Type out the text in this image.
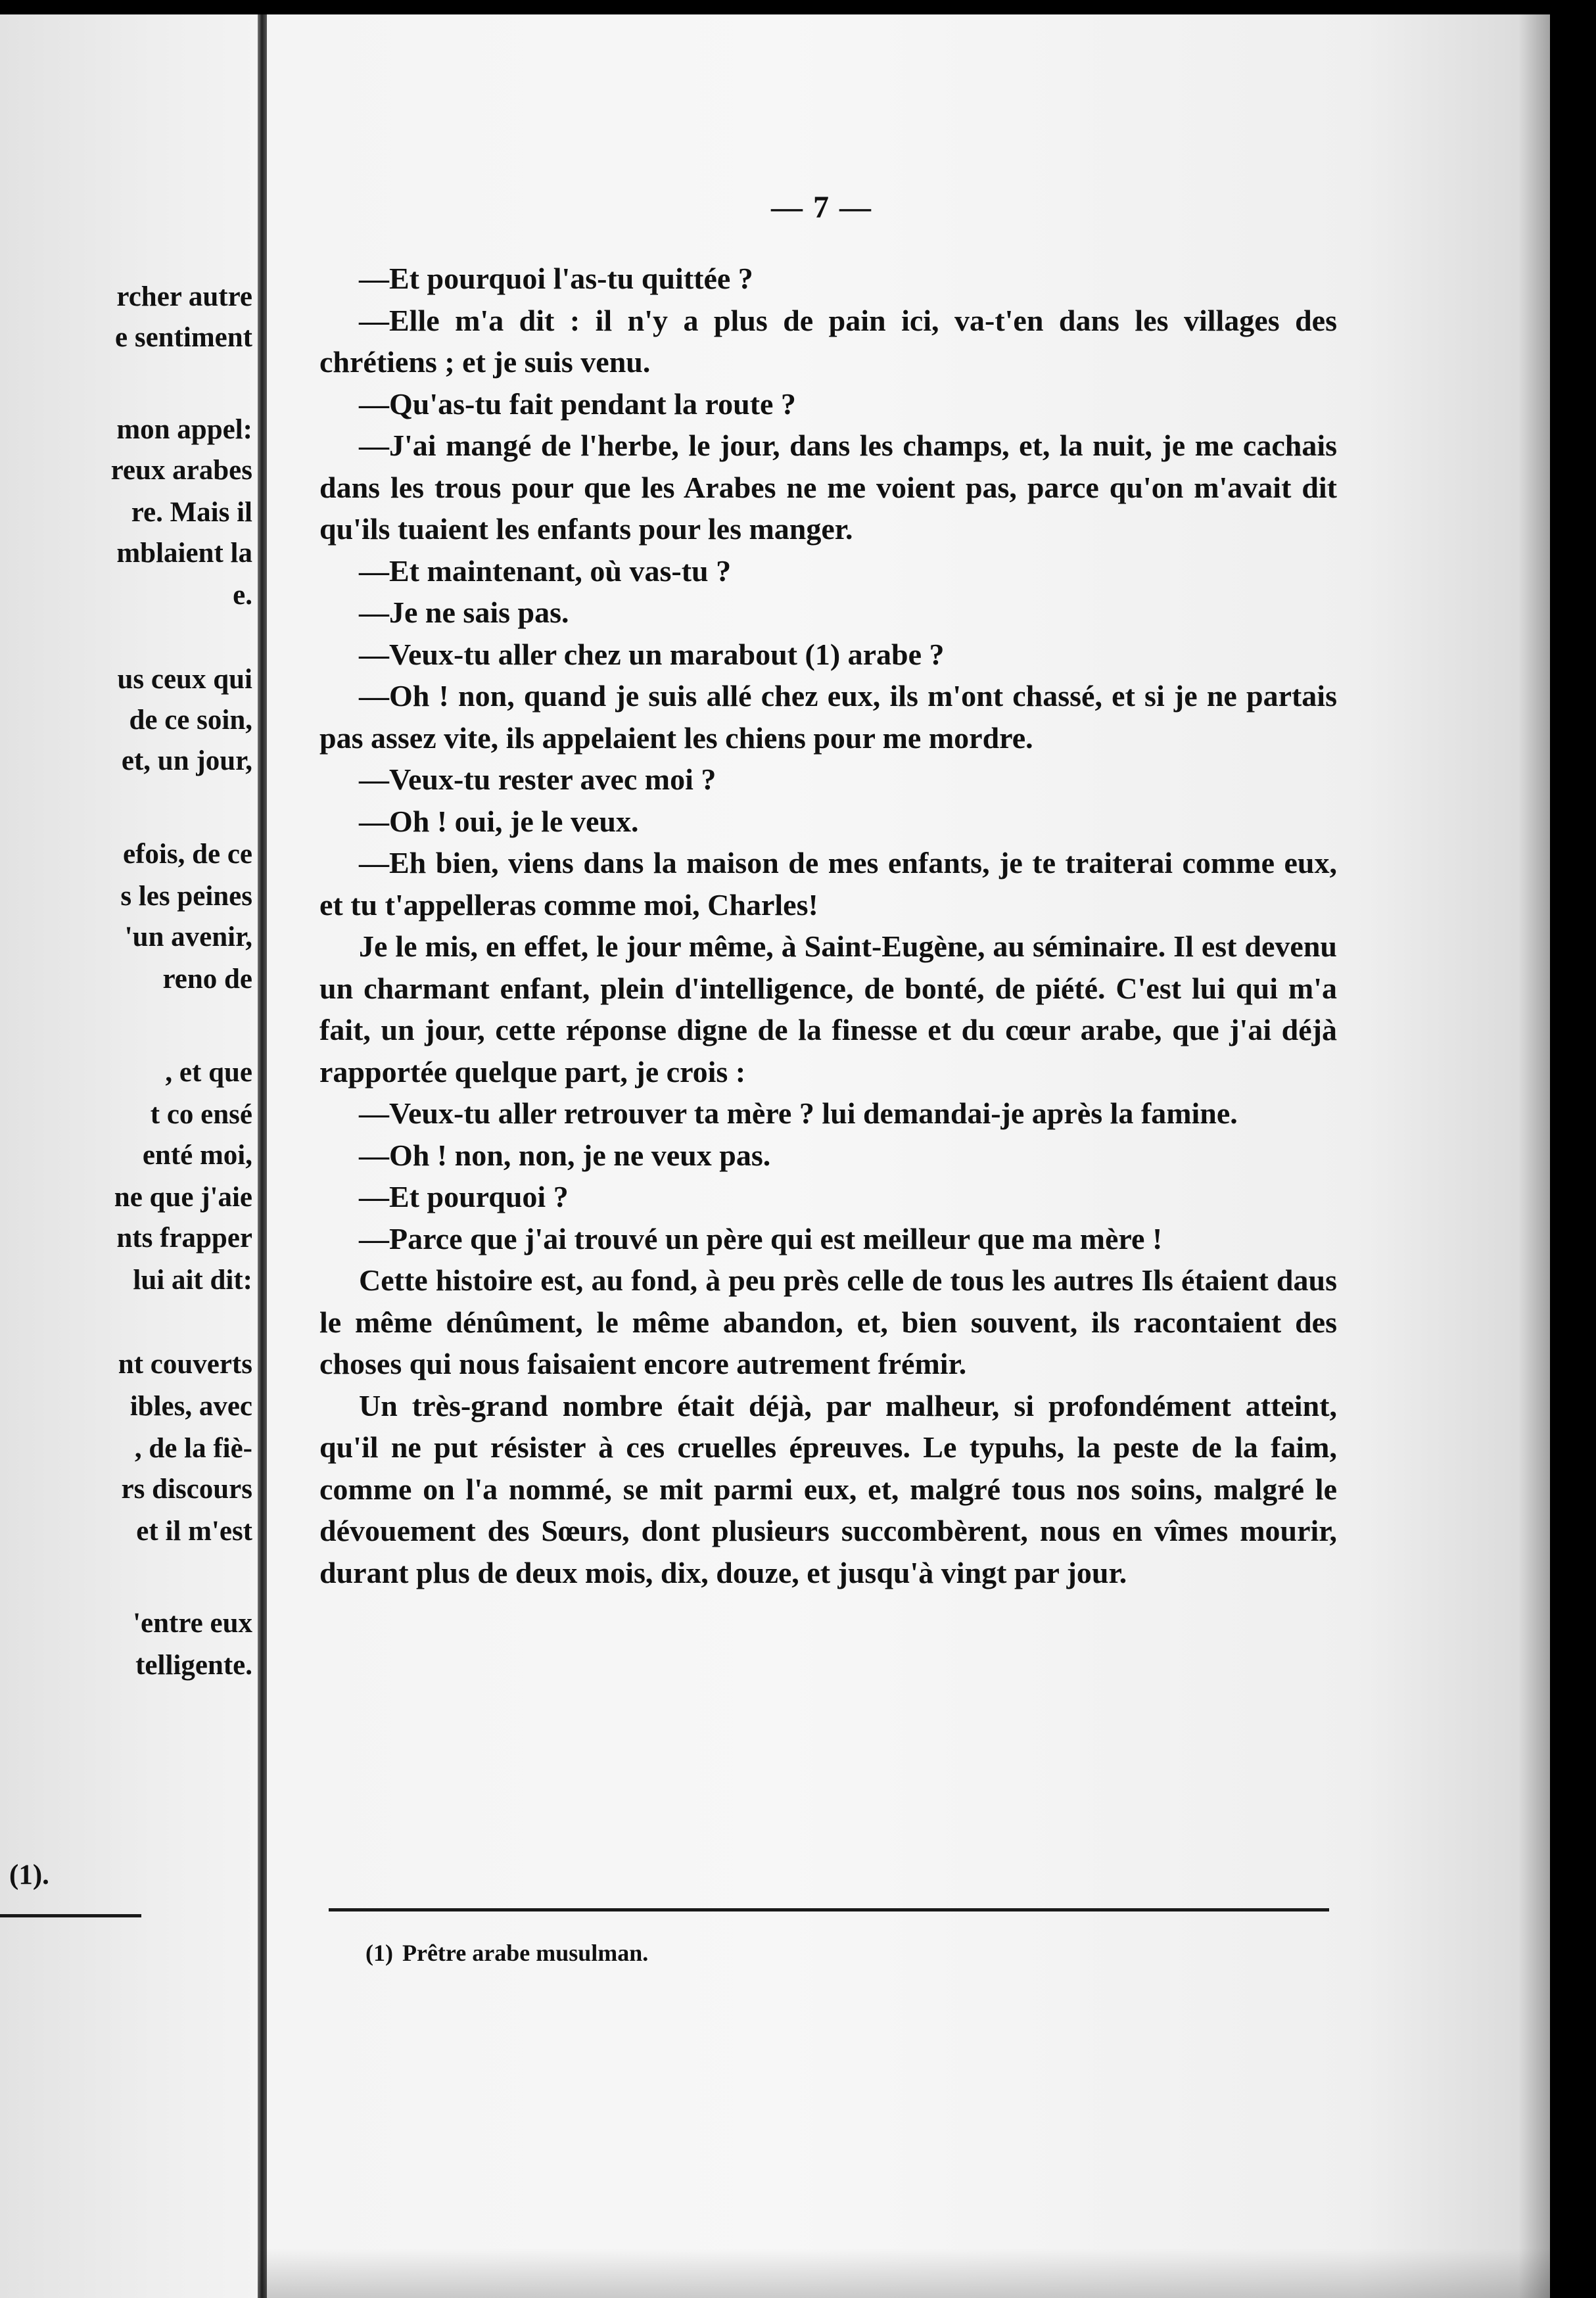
rcher autre
e sentiment
mon appel:
reux arabes
re. Mais il
mblaient la
e.
us ceux qui
de ce soin,
et, un jour,
efois, de ce
s les peines
'un avenir,
reno de
, et que
t co ensé
enté moi,
ne que j'aie
nts frapper
lui ait dit:
nt couverts
ibles, avec
, de la fiè-
rs discours
et il m'est
'entre eux
telligente.
(1).
— 7 —

—Et pourquoi l'as-tu quittée ?

—Elle m'a dit : il n'y a plus de pain ici, va-t'en dans les villages des chrétiens ; et je suis venu.

—Qu'as-tu fait pendant la route ?

—J'ai mangé de l'herbe, le jour, dans les champs, et, la nuit, je me cachais dans les trous pour que les Arabes ne me voient pas, parce qu'on m'avait dit qu'ils tuaient les enfants pour les manger.

—Et maintenant, où vas-tu ?

—Je ne sais pas.

—Veux-tu aller chez un marabout (1) arabe ?

—Oh ! non, quand je suis allé chez eux, ils m'ont chassé, et si je ne partais pas assez vite, ils appelaient les chiens pour me mordre.

—Veux-tu rester avec moi ?

—Oh ! oui, je le veux.

—Eh bien, viens dans la maison de mes enfants, je te traiterai comme eux, et tu t'appelleras comme moi, Charles!

Je le mis, en effet, le jour même, à Saint-Eugène, au séminaire. Il est devenu un charmant enfant, plein d'intelligence, de bonté, de piété. C'est lui qui m'a fait, un jour, cette réponse digne de la finesse et du cœur arabe, que j'ai déjà rapportée quelque part, je crois :

—Veux-tu aller retrouver ta mère ? lui demandai-je après la famine.

—Oh ! non, non, je ne veux pas.

—Et pourquoi ?

—Parce que j'ai trouvé un père qui est meilleur que ma mère !

Cette histoire est, au fond, à peu près celle de tous les autres Ils étaient daus le même dénûment, le même abandon, et, bien souvent, ils racontaient des choses qui nous faisaient encore autrement frémir.

Un très-grand nombre était déjà, par malheur, si profondément atteint, qu'il ne put résister à ces cruelles épreuves. Le typuhs, la peste de la faim, comme on l'a nommé, se mit parmi eux, et, malgré tous nos soins, malgré le dévouement des Sœurs, dont plusieurs succombèrent, nous en vîmes mourir, durant plus de deux mois, dix, douze, et jusqu'à vingt par jour.

(1) Prêtre arabe musulman.
